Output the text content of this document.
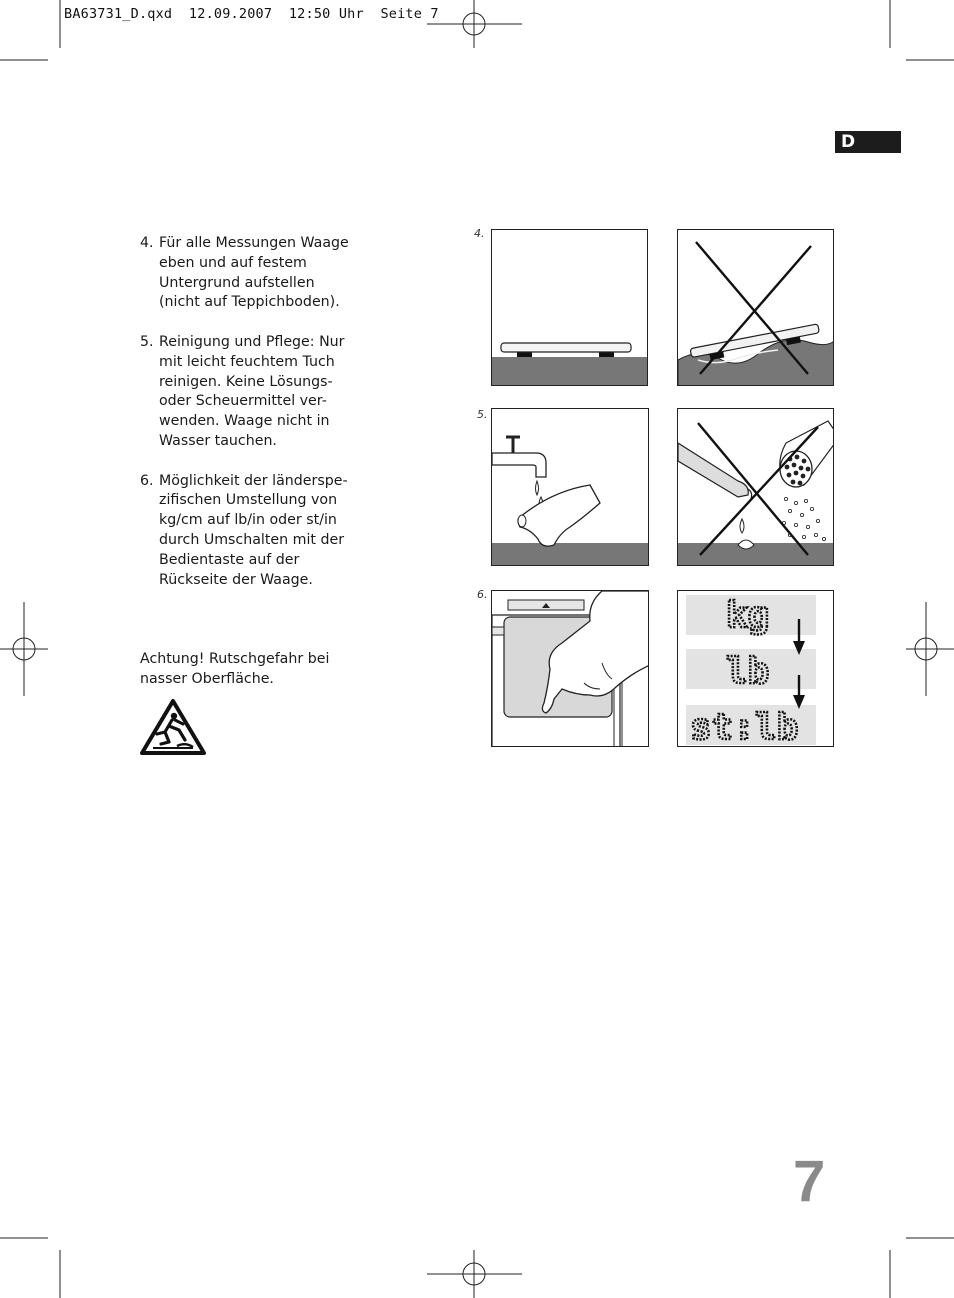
BA63731_D.qxd  12.09.2007  12:50 Uhr  Seite 7
D
4. Für alle Messungen Waage
eben und auf festem
Untergrund aufstellen
(nicht auf Teppichboden).
5. Reinigung und Pflege: Nur
mit leicht feuchtem Tuch
reinigen. Keine Lösungs-
oder Scheuermittel ver-
wenden. Waage nicht in
Wasser tauchen.
6. Möglichkeit der länderspe-
zifischen Umstellung von
kg/cm auf lb/in oder st/in
durch Umschalten mit der
Bedientaste auf der
Rückseite der Waage.
Achtung! Rutschgefahr bei
nasser Oberfläche.
4.
5.
6.
kg
lb
st:lb
7
